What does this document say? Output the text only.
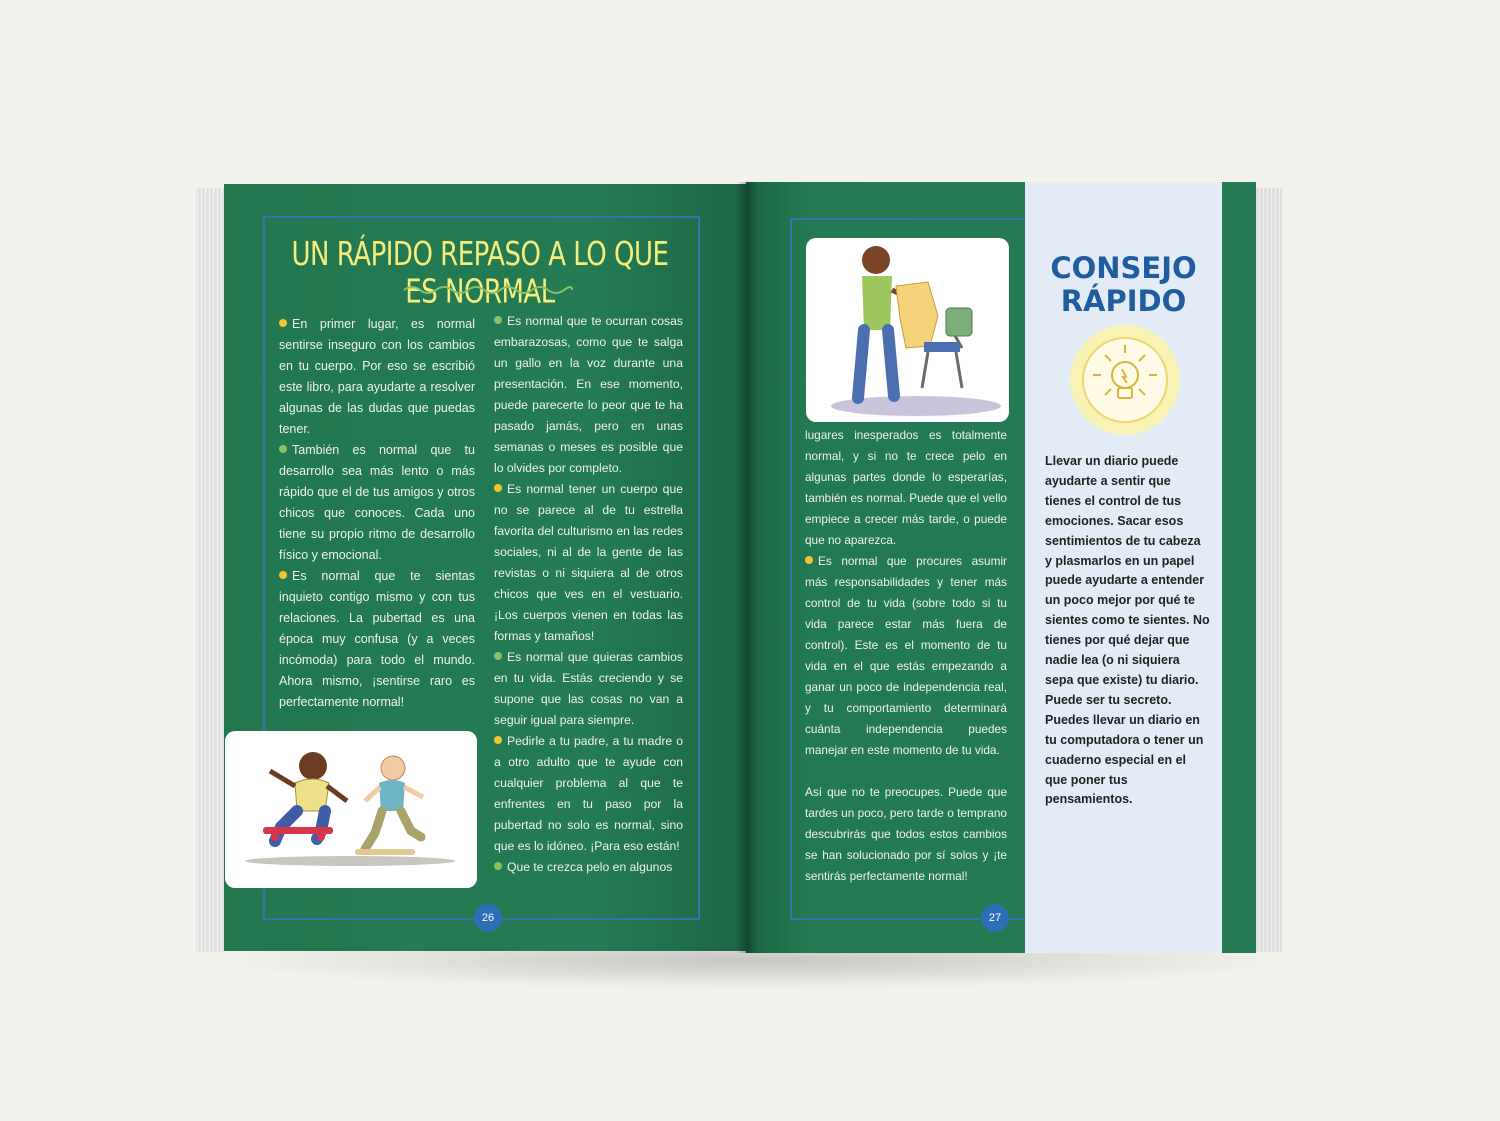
UN RÁPIDO REPASO A LO QUE ES NORMAL

En primer lugar, es normal sentirse inseguro con los cambios en tu cuerpo. Por eso se escribió este libro, para ayudarte a resolver algunas de las dudas que puedas tener.

También es normal que tu desarrollo sea más lento o más rápido que el de tus amigos y otros chicos que conoces. Cada uno tiene su propio ritmo de desarrollo físico y emocional.

Es normal que te sientas inquieto contigo mismo y con tus relaciones. La pubertad es una época muy confusa (y a veces incómoda) para todo el mundo. Ahora mismo, ¡sentirse raro es perfectamente normal!

Es normal que te ocurran cosas embarazosas, como que te salga un gallo en la voz durante una presentación. En ese momento, puede parecerte lo peor que te ha pasado jamás, pero en unas semanas o meses es posible que lo olvides por completo.

Es normal tener un cuerpo que no se parece al de tu estrella favorita del culturismo en las redes sociales, ni al de la gente de las revistas o ni siquiera al de otros chicos que ves en el vestuario. ¡Los cuerpos vienen en todas las formas y tamaños!

Es normal que quieras cambios en tu vida. Estás creciendo y se supone que las cosas no van a seguir igual para siempre.

Pedirle a tu padre, a tu madre o a otro adulto que te ayude con cualquier problema al que te enfrentes en tu paso por la pubertad no solo es normal, sino que es lo idóneo. ¡Para eso están!

Que te crezca pelo en algunos

26

lugares inesperados es totalmente normal, y si no te crece pelo en algunas partes donde lo esperarías, también es normal. Puede que el vello empiece a crecer más tarde, o puede que no aparezca.

Es normal que procures asumir más responsabilidades y tener más control de tu vida (sobre todo si tu vida parece estar más fuera de control). Este es el momento de tu vida en el que estás empezando a ganar un poco de independencia real, y tu comportamiento determinará cuánta independencia puedes manejar en este momento de tu vida.

Así que no te preocupes. Puede que tardes un poco, pero tarde o temprano descubrirás que todos estos cambios se han solucionado por sí solos y ¡te sentirás perfectamente normal!
27
CONSEJO
RÁPIDO
Llevar un diario puede ayudarte a sentir que tienes el control de tus emociones. Sacar esos sentimientos de tu cabeza y plasmarlos en un papel puede ayudarte a entender un poco mejor por qué te sientes como te sientes. No tienes por qué dejar que nadie lea (o ni siquiera sepa que existe) tu diario. Puede ser tu secreto. Puedes llevar un diario en tu computadora o tener un cuaderno especial en el que poner tus pensamientos.
